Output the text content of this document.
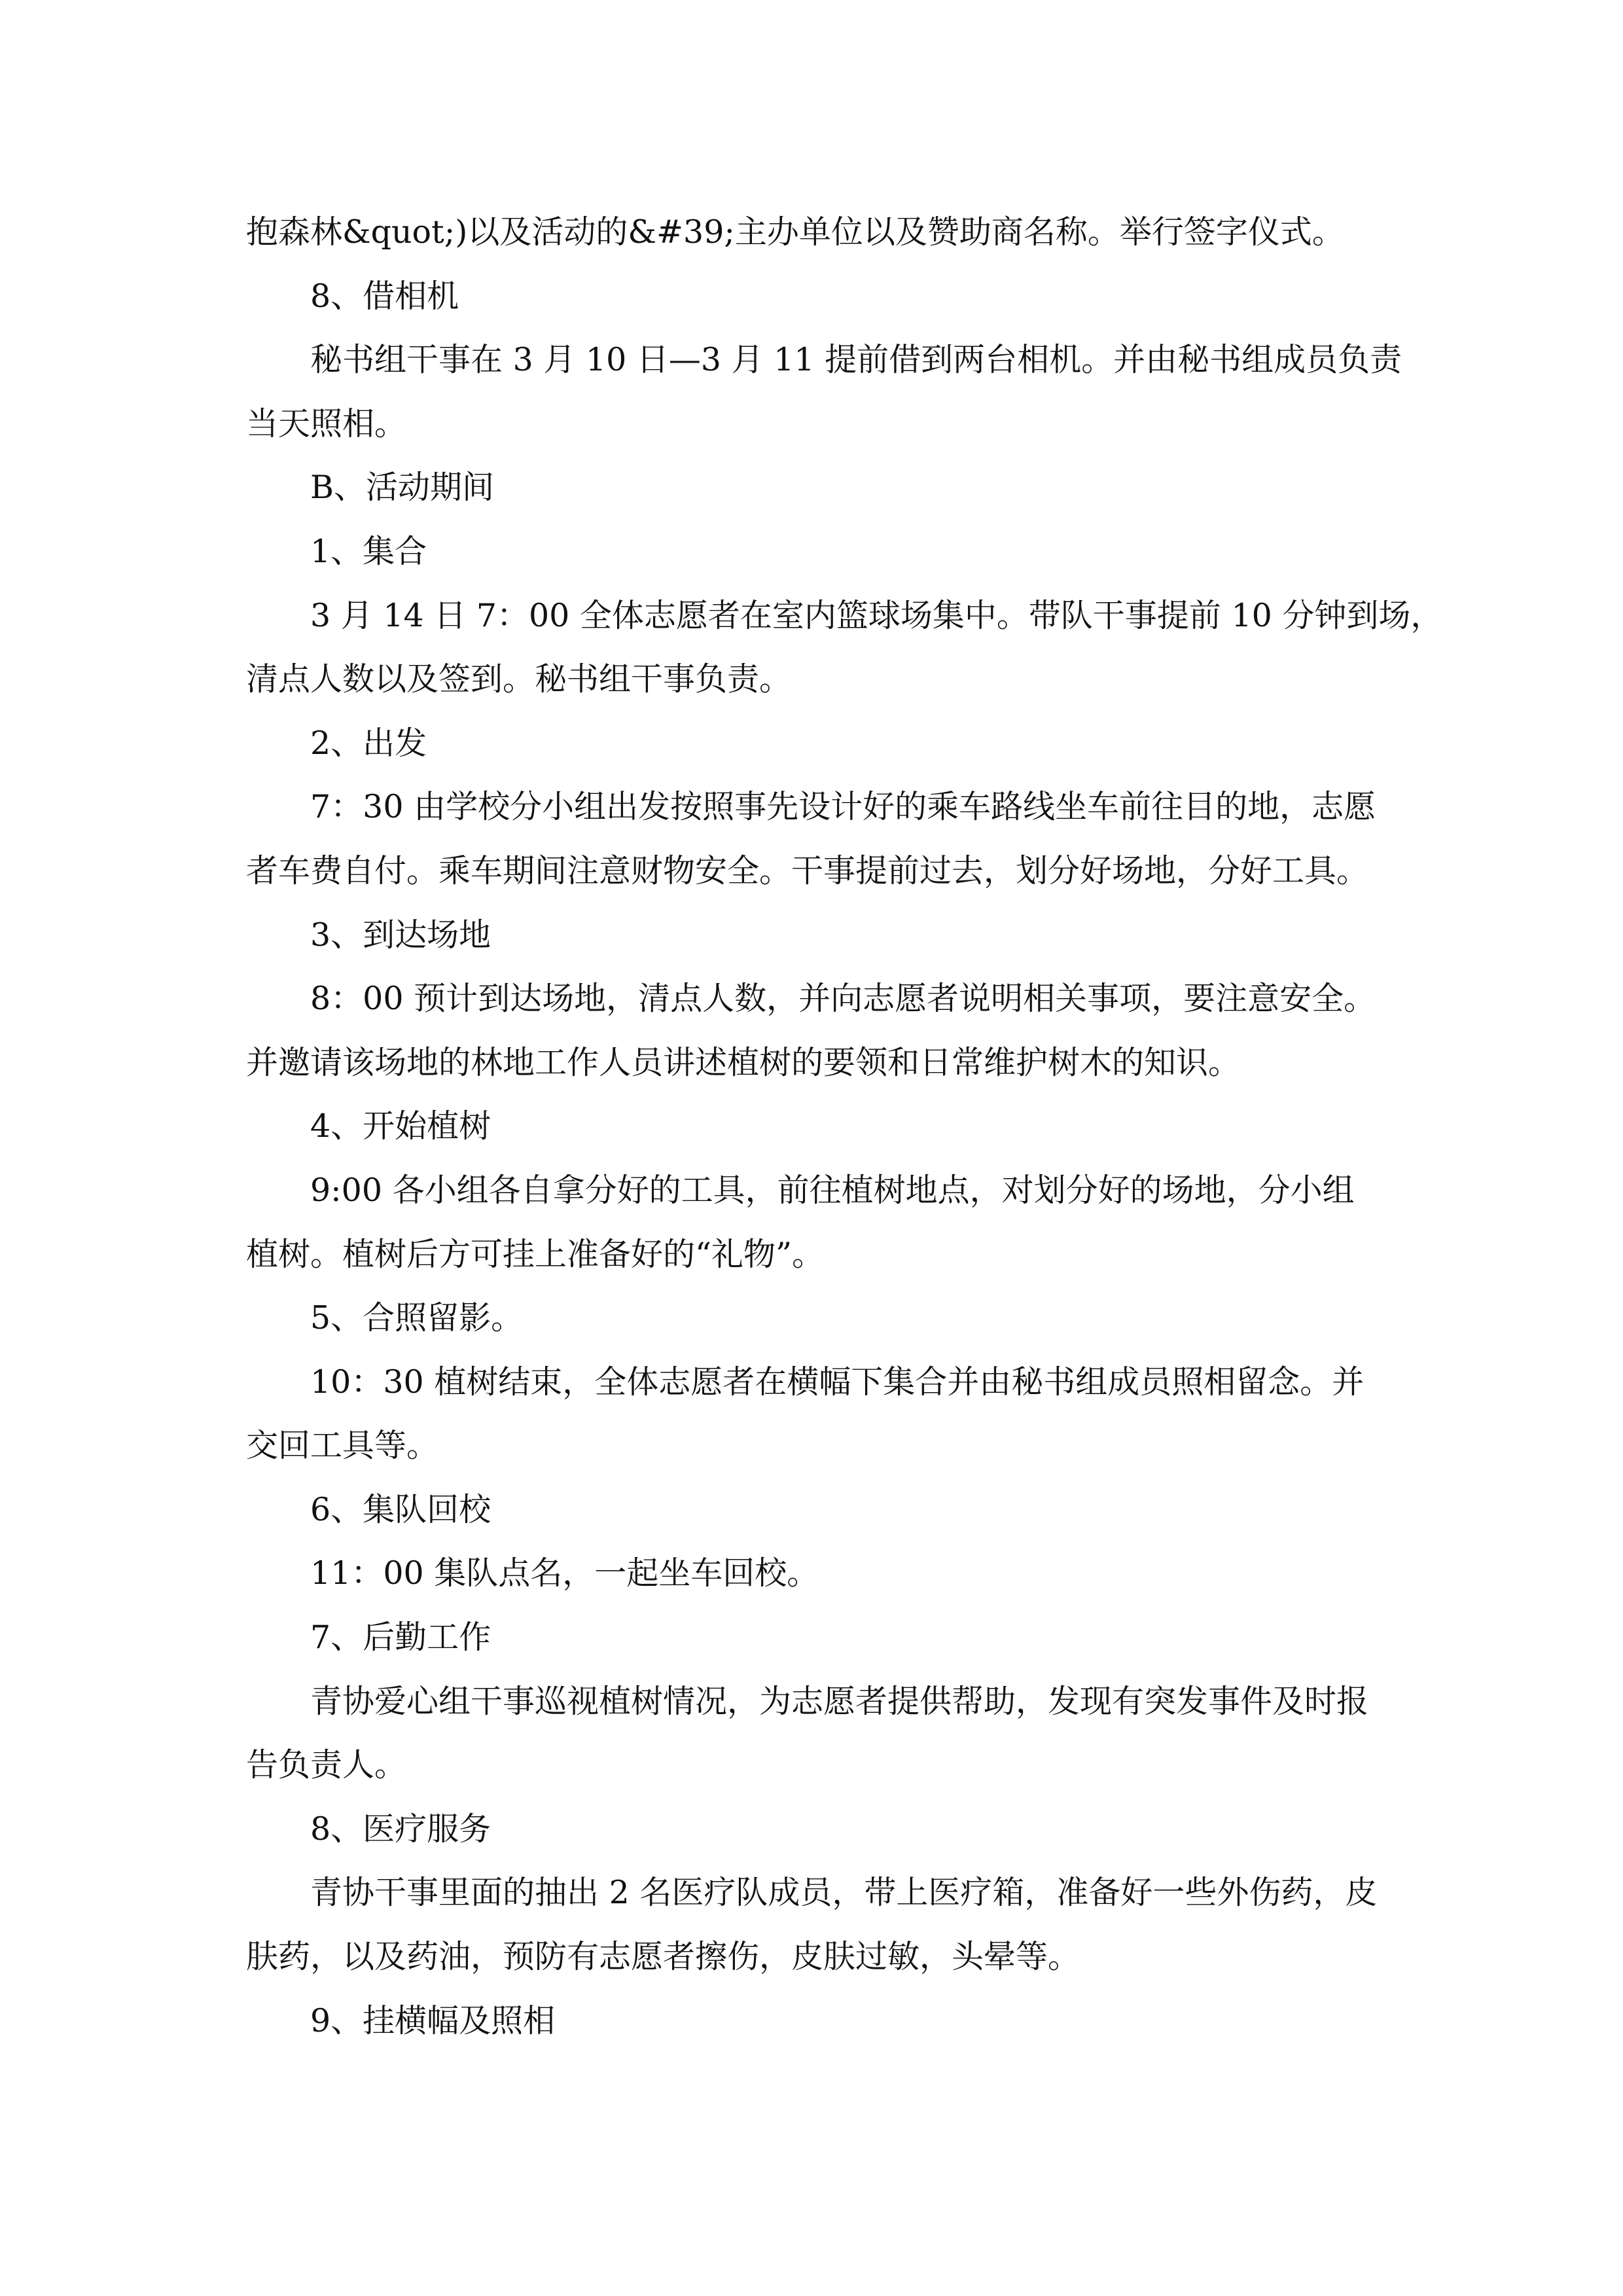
抱森林&quot;)以及活动的&#39;主办单位以及赞助商名称。举行签字仪式。
8、借相机
秘书组干事在 3 月 10 日—3 月 11 提前借到两台相机。并由秘书组成员负责
当天照相。
B、活动期间
1、集合
3 月 14 日 7：00 全体志愿者在室内篮球场集中。带队干事提前 10 分钟到场，
清点人数以及签到。秘书组干事负责。
2、出发
7：30 由学校分小组出发按照事先设计好的乘车路线坐车前往目的地，志愿
者车费自付。乘车期间注意财物安全。干事提前过去，划分好场地，分好工具。
3、到达场地
8：00 预计到达场地，清点人数，并向志愿者说明相关事项，要注意安全。
并邀请该场地的林地工作人员讲述植树的要领和日常维护树木的知识。
4、开始植树
9:00 各小组各自拿分好的工具，前往植树地点，对划分好的场地，分小组
植树。植树后方可挂上准备好的“礼物”。
5、合照留影。
10：30 植树结束，全体志愿者在横幅下集合并由秘书组成员照相留念。并
交回工具等。
6、集队回校
11：00 集队点名，一起坐车回校。
7、后勤工作
青协爱心组干事巡视植树情况，为志愿者提供帮助，发现有突发事件及时报
告负责人。
8、医疗服务
青协干事里面的抽出 2 名医疗队成员，带上医疗箱，准备好一些外伤药，皮
肤药，以及药油，预防有志愿者擦伤，皮肤过敏，头晕等。
9、挂横幅及照相
